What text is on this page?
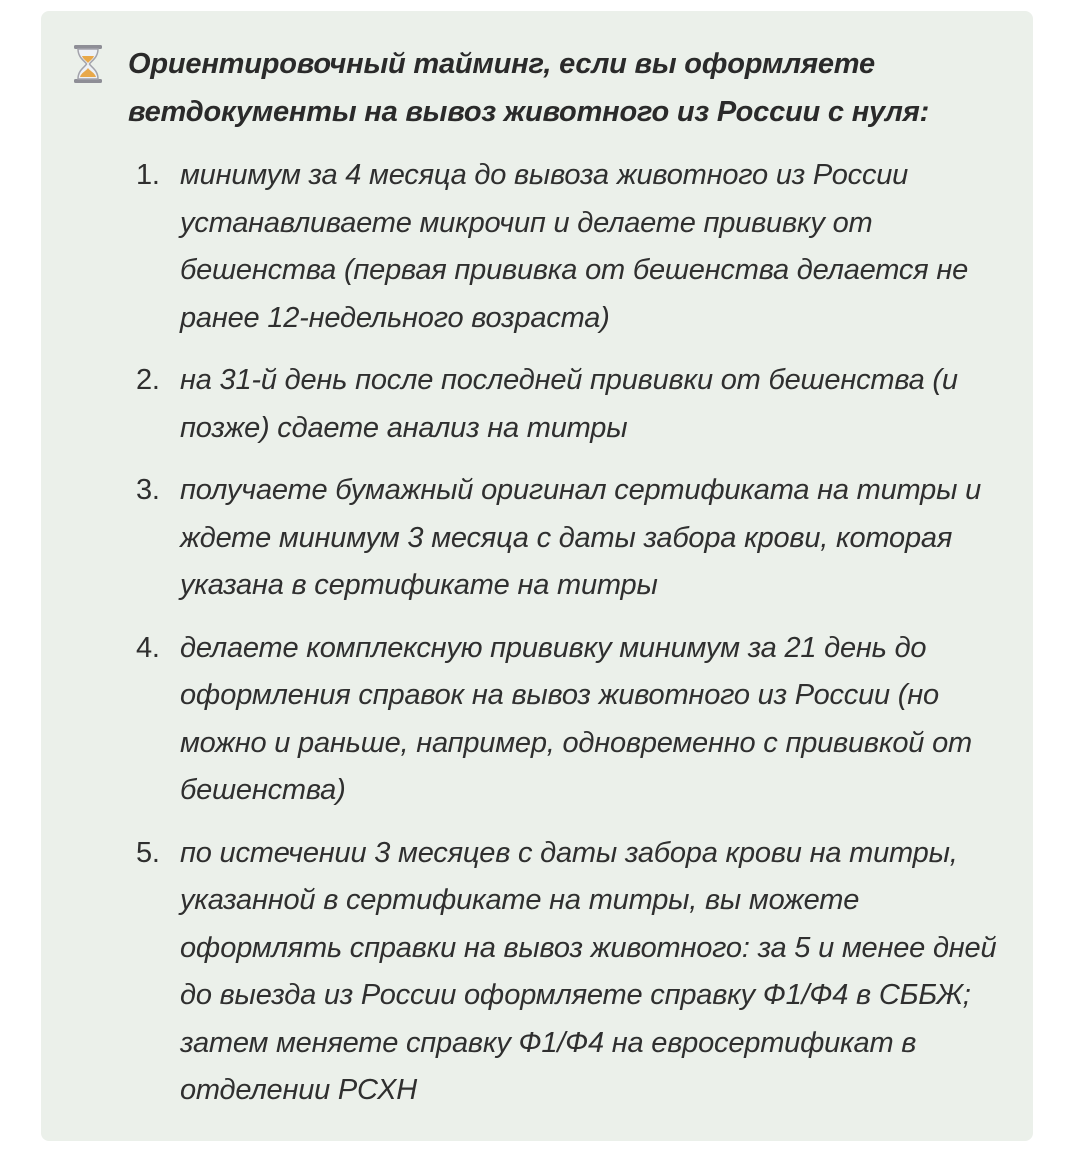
Ориентировочный тайминг, если вы оформляете ветдокументы на вывоз животного из России с нуля:

1. минимум за 4 месяца до вывоза животного из России устанавливаете микрочип и делаете прививку от бешенства (первая прививка от бешенства делается не ранее 12-недельного возраста)
2. на 31-й день после последней прививки от бешенства (и позже) сдаете анализ на титры
3. получаете бумажный оригинал сертификата на титры и ждете минимум 3 месяца с даты забора крови, которая указана в сертификате на титры
4. делаете комплексную прививку минимум за 21 день до оформления справок на вывоз животного из России (но можно и раньше, например, одновременно с прививкой от бешенства)
5. по истечении 3 месяцев с даты забора крови на титры, указанной в сертификате на титры, вы можете оформлять справки на вывоз животного: за 5 и менее дней до выезда из России оформляете справку Ф1/Ф4 в СББЖ; затем меняете справку Ф1/Ф4 на евросертификат в отделении РСХН
